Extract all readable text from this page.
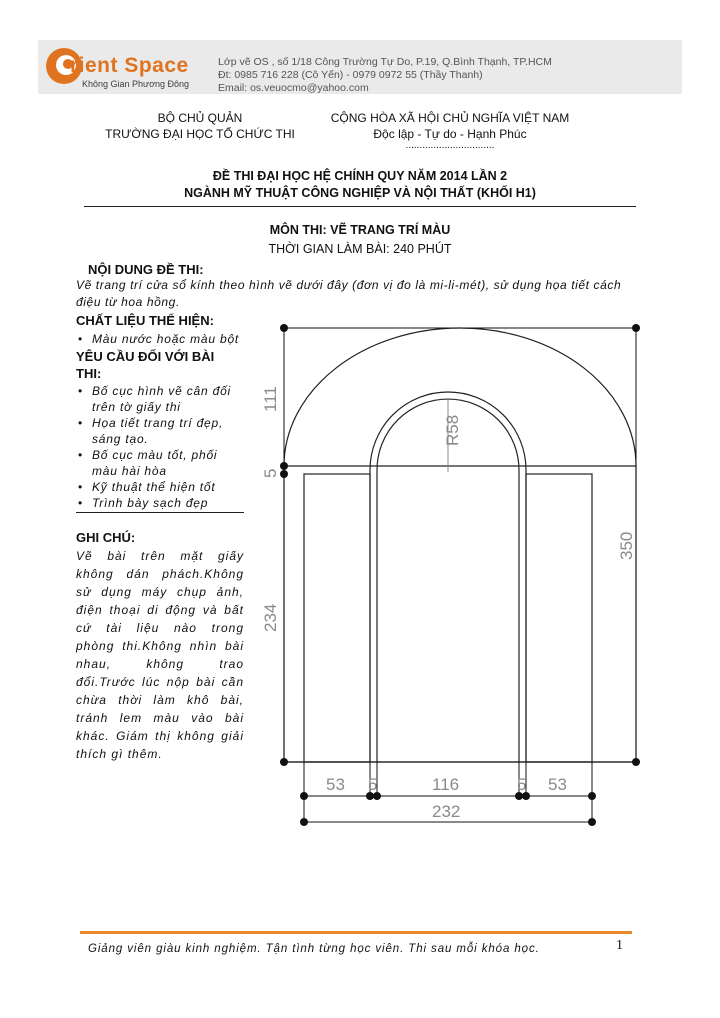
rient Space
Không Gian Phương Đông
Lớp vẽ OS , số 1/18 Công Trường Tự Do, P.19, Q.Bình Thạnh, TP.HCM
Đt: 0985 716 228 (Cô Yến) - 0979 0972 55 (Thầy Thanh)
Email: os.veuocmo@yahoo.com
BỘ CHỦ QUẢN
TRƯỜNG ĐẠI HỌC TỔ CHỨC THI
CỘNG HÒA XÃ HỘI CHỦ NGHĨA VIỆT NAM
Độc lập - Tự do - Hạnh Phúc
................................
ĐỀ THI ĐẠI HỌC HỆ CHÍNH QUY NĂM 2014 LẦN 2
NGÀNH MỸ THUẬT CÔNG NGHIỆP VÀ NỘI THẤT (KHỐI H1)
MÔN THI: VẼ TRANG TRÍ MÀU
THỜI GIAN LÀM BÀI: 240 PHÚT
NỘI DUNG ĐỀ THI:
Vẽ trang trí cửa sổ kính theo hình vẽ dưới đây (đơn vị đo là mi-li-mét), sử dụng họa tiết cách
điệu từ hoa hồng.
CHẤT LIỆU THỂ HIỆN:
• Màu nước hoặc màu bột
YÊU CẦU ĐỐI VỚI BÀI
THI:
• Bố cục hình vẽ cân đối trên tờ giấy thi
• Họa tiết trang trí đẹp, sáng tạo.
• Bố cục màu tốt, phối màu hài hòa
• Kỹ thuật thể hiện tốt
• Trình bày sạch đẹp
GHI CHÚ:
Vẽ bài trên mặt giấy không dán phách.Không sử dụng máy chụp ảnh, điện thoại di động và bất cứ tài liệu nào trong phòng thi.Không nhìn bài nhau, không trao đổi.Trước lúc nộp bài cần chừa thời làm khô bài, tránh lem màu vào bài khác. Giám thị không giải thích gì thêm.
111
5
234
350
R58
53 5	116	5 53
232
Giảng viên giàu kinh nghiệm. Tận tình từng học viên. Thi sau mỗi khóa học.	1
